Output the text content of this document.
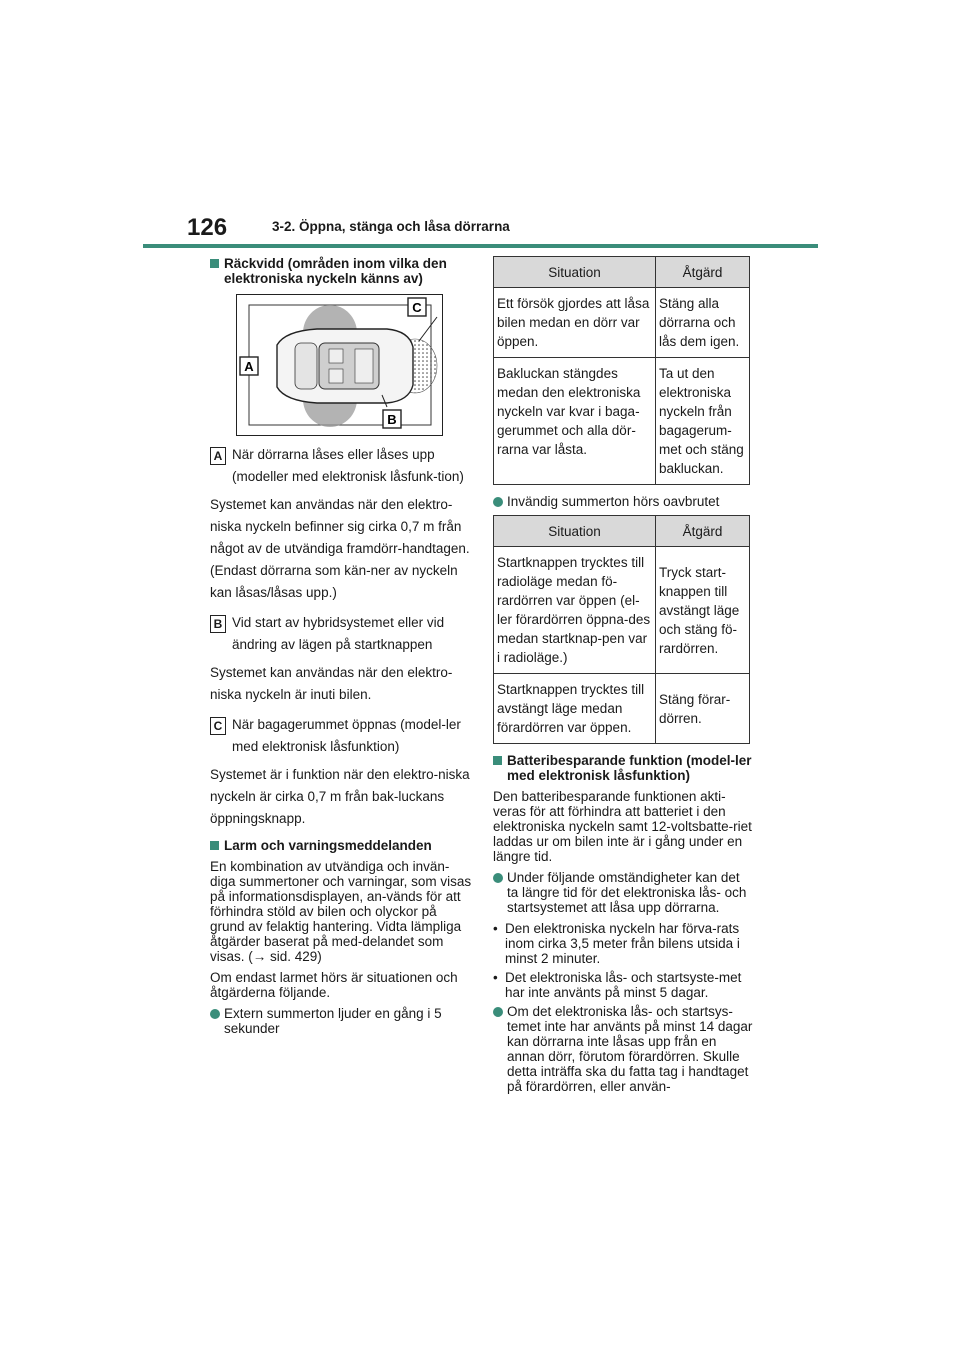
126	3-2. Öppna, stänga och låsa dörrarna
Räckvidd (områden inom vilka den elektroniska nyckeln känns av)
C
A
B
A När dörrarna låses eller låses upp (modeller med elektronisk låsfunk-tion)

Systemet kan användas när den elektro-niska nyckeln befinner sig cirka 0,7 m från något av de utvändiga framdörr-handtagen. (Endast dörrarna som kän-ner av nyckeln kan låsas/låsas upp.)

B Vid start av hybridsystemet eller vid ändring av lägen på startknappen

Systemet kan användas när den elektro-niska nyckeln är inuti bilen.

C När bagagerummet öppnas (model-ler med elektronisk låsfunktion)

Systemet är i funktion när den elektro-niska nyckeln är cirka 0,7 m från bak-luckans öppningsknapp.

Larm och varningsmeddelanden

En kombination av utvändiga och invän-diga summertoner och varningar, som visas på informationsdisplayen, an-vänds för att förhindra stöld av bilen och olyckor på grund av felaktig hantering. Vidta lämpliga åtgärder baserat på med-delandet som visas. (→ sid. 429)

Om endast larmet hörs är situationen och åtgärderna följande.

Extern summerton ljuder en gång i 5 sekunder
Situation	Åtgärd
Ett försök gjordes att låsa bilen medan en dörr var öppen.	Stäng alla dörrarna och lås dem igen.
Bakluckan stängdes medan den elektroniska nyckeln var kvar i baga-gerummet och alla dör-rarna var låsta.	Ta ut den elektroniska nyckeln från bagagerum-met och stäng bakluckan.
Invändig summerton hörs oavbrutet
Situation	Åtgärd
Startknappen trycktes till radioläge medan fö-rardörren var öppen (el-ler förardörren öppna-des medan startknap-pen var i radioläge.)	Tryck start-knappen till avstängt läge och stäng fö-rardörren.
Startknappen trycktes till avstängt läge medan förardörren var öppen.	Stäng förar-dörren.
Batteribesparande funktion (model-ler med elektronisk låsfunktion)

Den batteribesparande funktionen akti-veras för att förhindra att batteriet i den elektroniska nyckeln samt 12-voltsbatte-riet laddas ur om bilen inte är i gång under en längre tid.

Under följande omständigheter kan det ta längre tid för det elektroniska lås- och startsystemet att låsa upp dörrarna.
• Den elektroniska nyckeln har förva-rats inom cirka 3,5 meter från bilens utsida i minst 2 minuter.
• Det elektroniska lås- och startsyste-met har inte använts på minst 5 dagar.
Om det elektroniska lås- och startsys-temet inte har använts på minst 14 dagar kan dörrarna inte låsas upp från en annan dörr, förutom förardörren. Skulle detta inträffa ska du fatta tag i handtaget på förardörren, eller använ-
